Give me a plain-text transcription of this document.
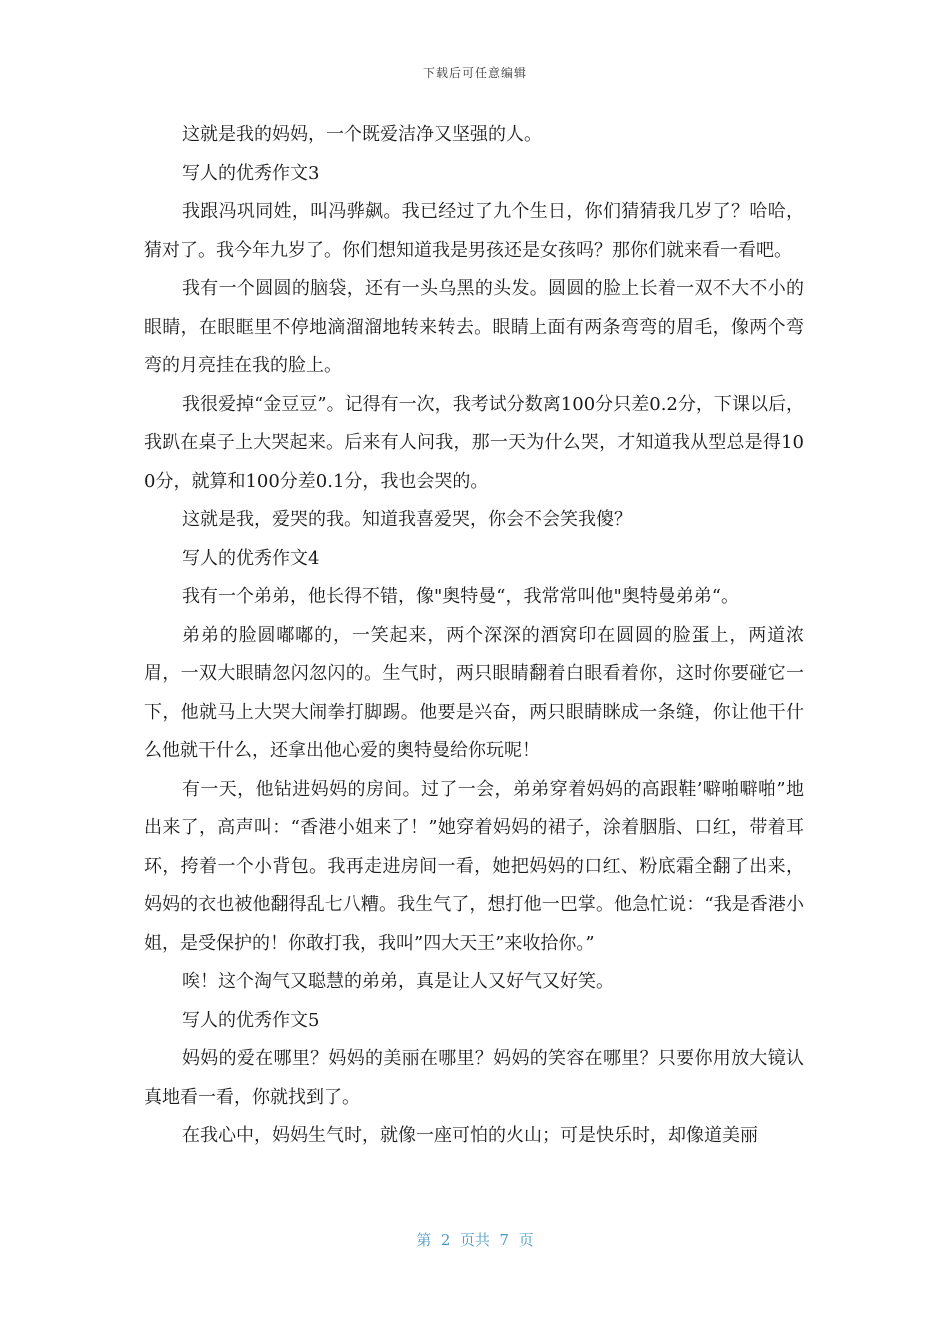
下载后可任意编辑

这就是我的妈妈，一个既爱洁净又坚强的人。

写人的优秀作文3

我跟冯巩同姓，叫冯骅飙。我已经过了九个生日，你们猜猜我几岁了？哈哈，猜对了。我今年九岁了。你们想知道我是男孩还是女孩吗？那你们就来看一看吧。

我有一个圆圆的脑袋，还有一头乌黑的头发。圆圆的脸上长着一双不大不小的眼睛，在眼眶里不停地滴溜溜地转来转去。眼睛上面有两条弯弯的眉毛，像两个弯弯的月亮挂在我的脸上。

我很爱掉“金豆豆”。记得有一次，我考试分数离100分只差0.2分，下课以后，我趴在桌子上大哭起来。后来有人问我，那一天为什么哭，才知道我从型总是得100分，就算和100分差0.1分，我也会哭的。

这就是我，爱哭的我。知道我喜爱哭，你会不会笑我傻？

写人的优秀作文4

我有一个弟弟，他长得不错，像"奥特曼“，我常常叫他"奥特曼弟弟“。

弟弟的脸圆嘟嘟的，一笑起来，两个深深的酒窝印在圆圆的脸蛋上，两道浓眉，一双大眼睛忽闪忽闪的。生气时，两只眼睛翻着白眼看着你，这时你要碰它一下，他就马上大哭大闹拳打脚踢。他要是兴奋，两只眼睛眯成一条缝，你让他干什么他就干什么，还拿出他心爱的奥特曼给你玩呢！

有一天，他钻进妈妈的房间。过了一会，弟弟穿着妈妈的高跟鞋’噼啪噼啪”地出来了，高声叫：“香港小姐来了！”她穿着妈妈的裙子，涂着胭脂、口红，带着耳环，挎着一个小背包。我再走进房间一看，她把妈妈的口红、粉底霜全翻了出来，妈妈的衣也被他翻得乱七八糟。我生气了，想打他一巴掌。他急忙说：“我是香港小姐，是受保护的！你敢打我，我叫”四大天王”来收拾你。”

唉！这个淘气又聪慧的弟弟，真是让人又好气又好笑。

写人的优秀作文5

妈妈的爱在哪里？妈妈的美丽在哪里？妈妈的笑容在哪里？只要你用放大镜认真地看一看，你就找到了。

在我心中，妈妈生气时，就像一座可怕的火山；可是快乐时，却像道美丽

第  2  页共  7  页
